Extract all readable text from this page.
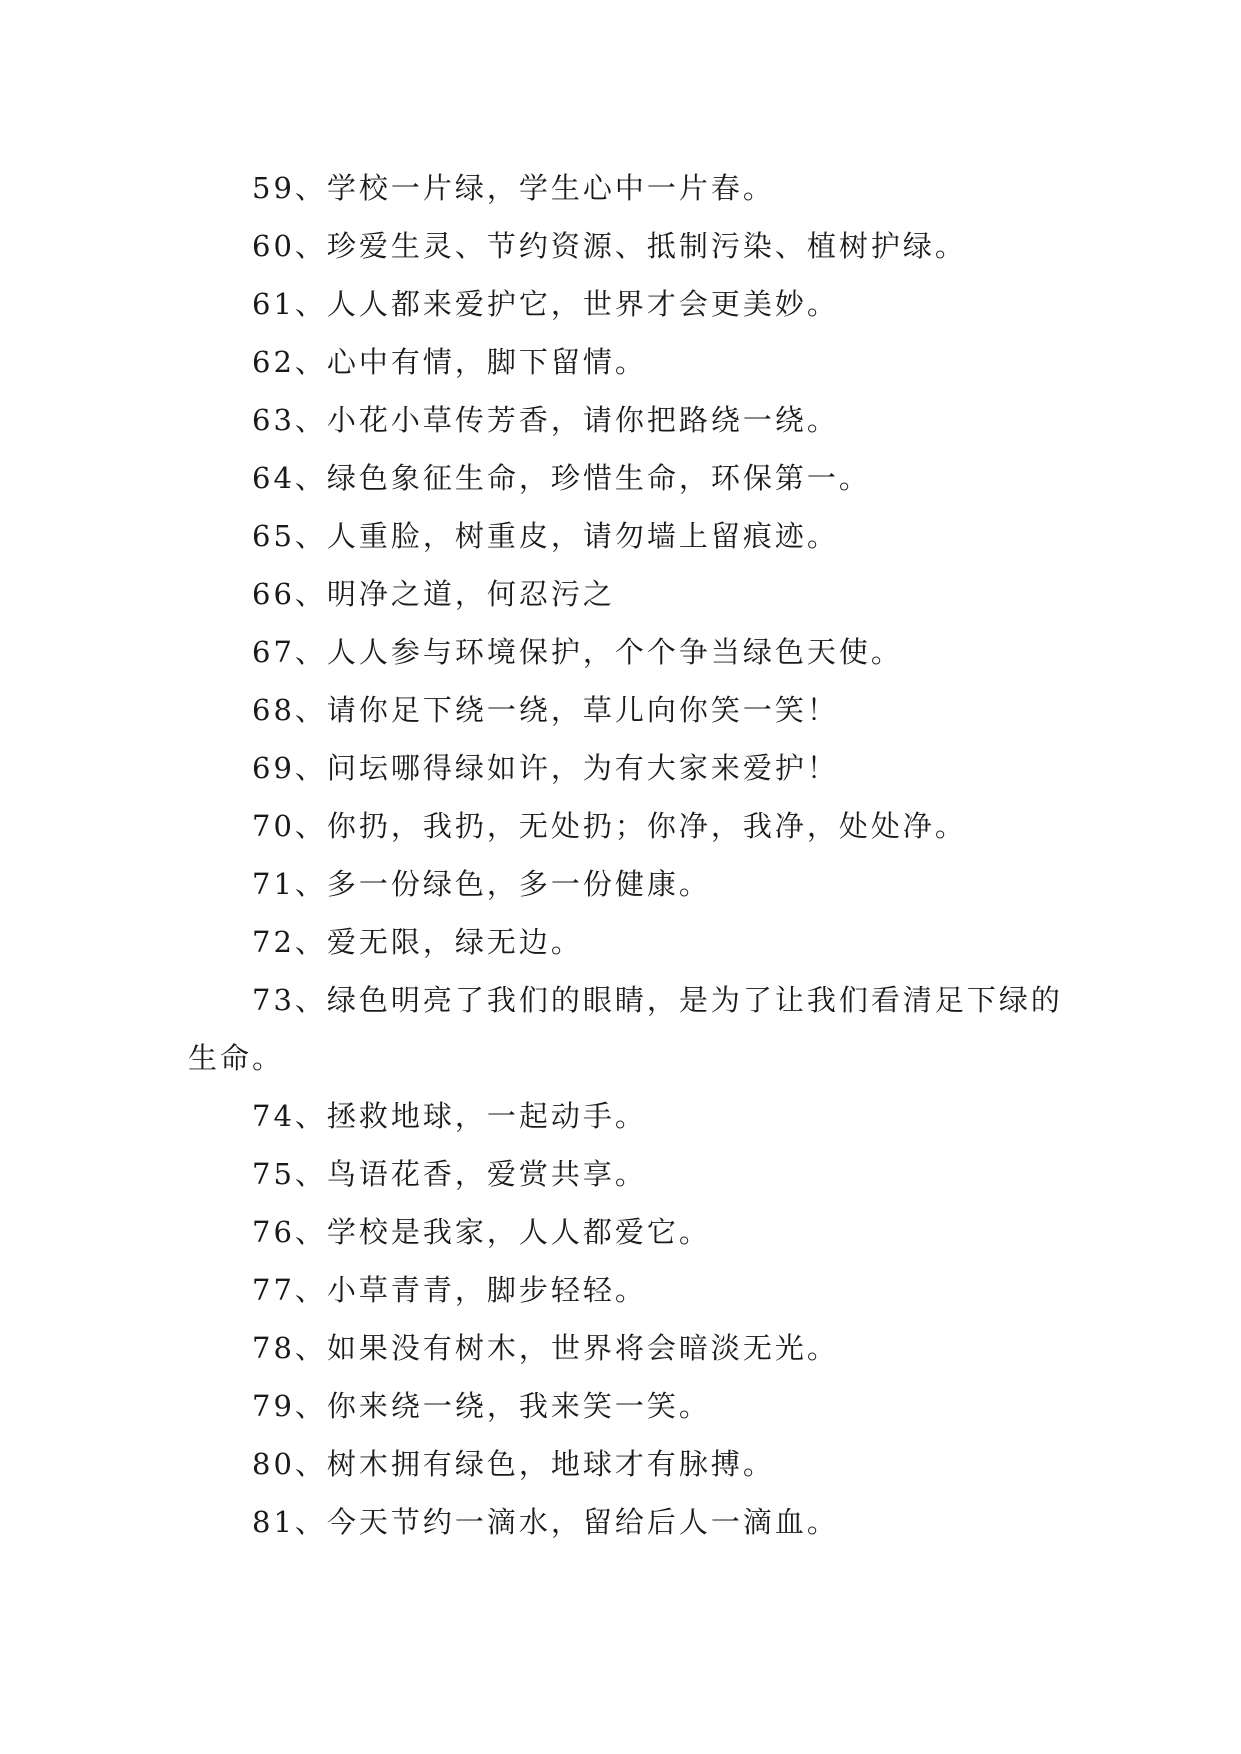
59、学校一片绿，学生心中一片春。

60、珍爱生灵、节约资源、抵制污染、植树护绿。

61、人人都来爱护它，世界才会更美妙。

62、心中有情，脚下留情。

63、小花小草传芳香，请你把路绕一绕。

64、绿色象征生命，珍惜生命，环保第一。

65、人重脸，树重皮，请勿墙上留痕迹。

66、明净之道，何忍污之

67、人人参与环境保护，个个争当绿色天使。

68、请你足下绕一绕，草儿向你笑一笑！

69、问坛哪得绿如许，为有大家来爱护！

70、你扔，我扔，无处扔；你净，我净，处处净。

71、多一份绿色，多一份健康。

72、爱无限，绿无边。

73、绿色明亮了我们的眼睛，是为了让我们看清足下绿的生命。

74、拯救地球，一起动手。

75、鸟语花香，爱赏共享。

76、学校是我家，人人都爱它。

77、小草青青，脚步轻轻。

78、如果没有树木，世界将会暗淡无光。

79、你来绕一绕，我来笑一笑。

80、树木拥有绿色，地球才有脉搏。

81、今天节约一滴水，留给后人一滴血。
